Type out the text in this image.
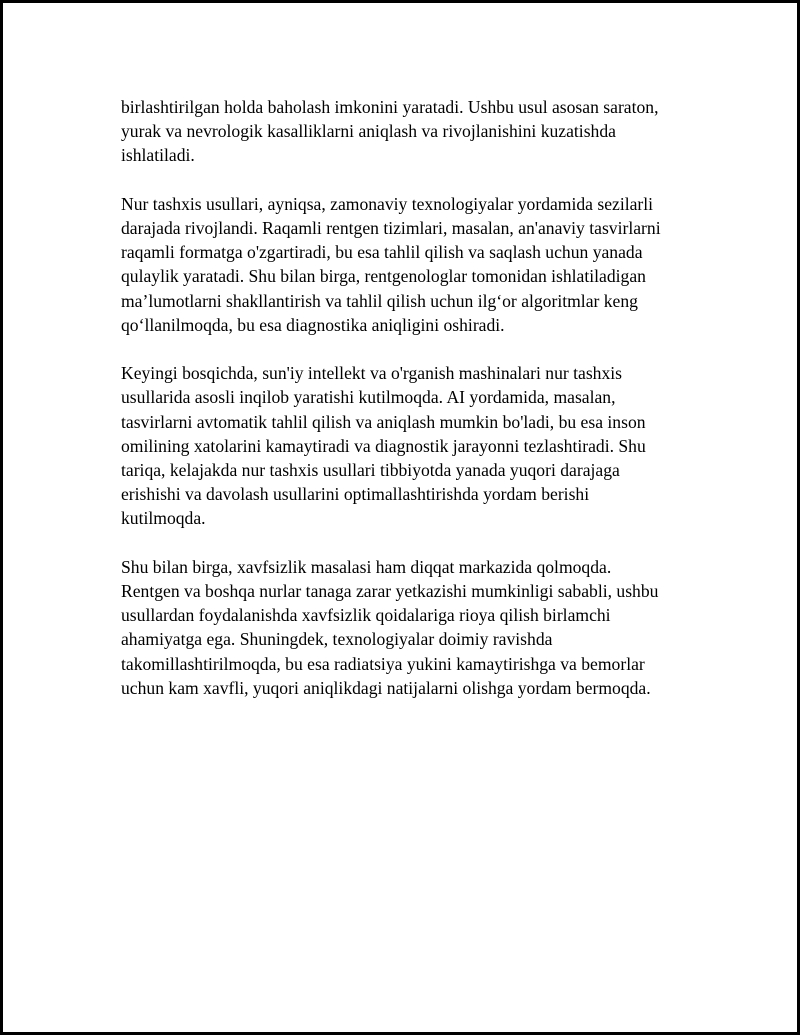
birlashtirilgan holda baholash imkonini yaratadi. Ushbu usul asosan saraton,
yurak va nevrologik kasalliklarni aniqlash va rivojlanishini kuzatishda
ishlatiladi.

Nur tashxis usullari, ayniqsa, zamonaviy texnologiyalar yordamida sezilarli
darajada rivojlandi. Raqamli rentgen tizimlari, masalan, an'anaviy tasvirlarni
raqamli formatga o'zgartiradi, bu esa tahlil qilish va saqlash uchun yanada
qulaylik yaratadi. Shu bilan birga, rentgenologlar tomonidan ishlatiladigan
ma’lumotlarni shakllantirish va tahlil qilish uchun ilg‘or algoritmlar keng
qo‘llanilmoqda, bu esa diagnostika aniqligini oshiradi.

Keyingi bosqichda, sun'iy intellekt va o'rganish mashinalari nur tashxis
usullarida asosli inqilob yaratishi kutilmoqda. AI yordamida, masalan,
tasvirlarni avtomatik tahlil qilish va aniqlash mumkin bo'ladi, bu esa inson
omilining xatolarini kamaytiradi va diagnostik jarayonni tezlashtiradi. Shu
tariqa, kelajakda nur tashxis usullari tibbiyotda yanada yuqori darajaga
erishishi va davolash usullarini optimallashtirishda yordam berishi
kutilmoqda.

Shu bilan birga, xavfsizlik masalasi ham diqqat markazida qolmoqda.
Rentgen va boshqa nurlar tanaga zarar yetkazishi mumkinligi sababli, ushbu
usullardan foydalanishda xavfsizlik qoidalariga rioya qilish birlamchi
ahamiyatga ega. Shuningdek, texnologiyalar doimiy ravishda
takomillashtirilmoqda, bu esa radiatsiya yukini kamaytirishga va bemorlar
uchun kam xavfli, yuqori aniqlikdagi natijalarni olishga yordam bermoqda.
